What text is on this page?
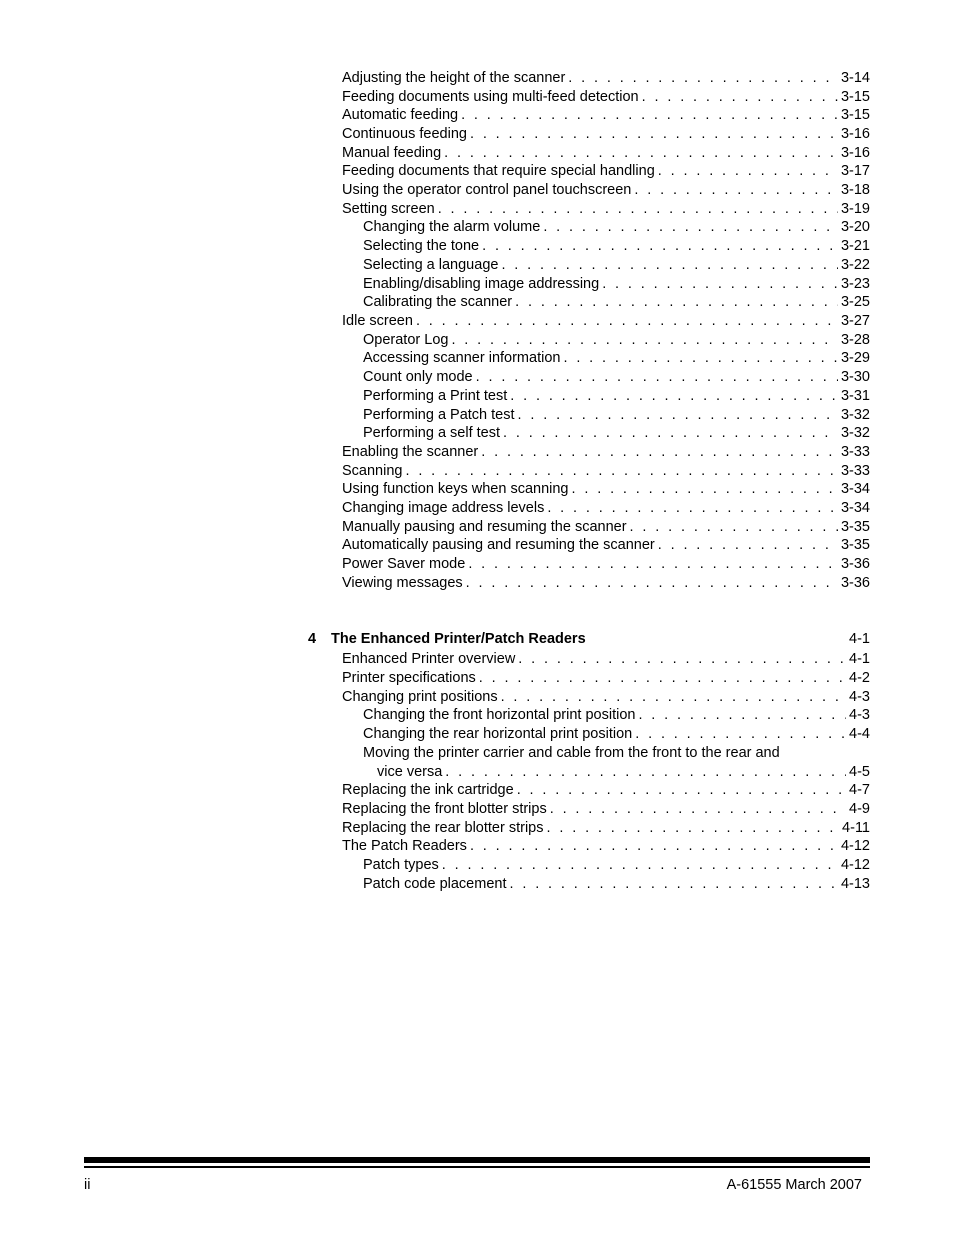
Adjusting the height of the scanner . . .	3-14
Feeding documents using multi-feed detection . . .	3-15
Automatic feeding . . .	3-15
Continuous feeding . . .	3-16
Manual feeding . . .	3-16
Feeding documents that require special handling . . .	3-17
Using the operator control panel touchscreen . . .	3-18
Setting screen . . .	3-19
Changing the alarm volume . . .	3-20
Selecting the tone . . .	3-21
Selecting a language . . .	3-22
Enabling/disabling image addressing . . .	3-23
Calibrating the scanner . . .	3-25
Idle screen . . .	3-27
Operator Log . . .	3-28
Accessing scanner information . . .	3-29
Count only mode . . .	3-30
Performing a Print test . . .	3-31
Performing a Patch test . . .	3-32
Performing a self test . . .	3-32
Enabling the scanner . . .	3-33
Scanning . . .	3-33
Using function keys when scanning . . .	3-34
Changing image address levels . . .	3-34
Manually pausing and resuming the scanner . . .	3-35
Automatically pausing and resuming the scanner . . .	3-35
Power Saver mode . . .	3-36
Viewing messages . . .	3-36
4	The Enhanced Printer/Patch Readers	4-1
Enhanced Printer overview . . .	4-1
Printer specifications . . .	4-2
Changing print positions . . .	4-3
Changing the front horizontal print position . . .	4-3
Changing the rear horizontal print position . . .	4-4
Moving the printer carrier and cable from the front to the rear and
vice versa . . .	4-5
Replacing the ink cartridge . . .	4-7
Replacing the front blotter strips . . .	4-9
Replacing the rear blotter strips . . .	4-11
The Patch Readers . . .	4-12
Patch types . . .	4-12
Patch code placement . . .	4-13
ii	A-61555 March 2007
